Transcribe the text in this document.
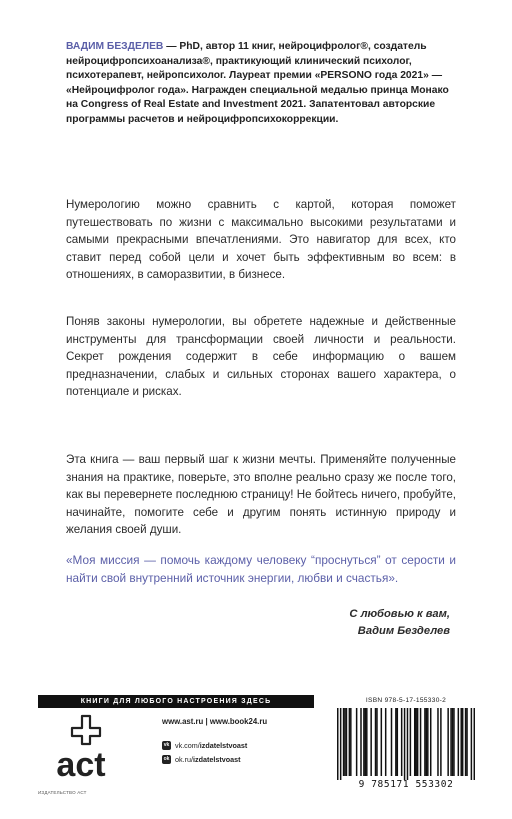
ВАДИМ БЕЗДЕЛЕВ — PhD, автор 11 книг, нейроцифролог®, создатель нейроцифропсихоанализа®, практикующий клинический психолог, психотерапевт, нейропсихолог. Лауреат премии «PERSONO года 2021» — «Нейроцифролог года». Награжден специальной медалью принца Монако на Congress of Real Estate and Investment 2021. Запатентовал авторские программы расчетов и нейроцифропсихокоррекции.
Нумерологию можно сравнить с картой, которая поможет путешествовать по жизни с максимально высокими результатами и самыми прекрасными впечатлениями. Это навигатор для всех, кто ставит перед собой цели и хочет быть эффективным во всем: в отношениях, в саморазвитии, в бизнесе.
Поняв законы нумерологии, вы обретете надежные и действенные инструменты для трансформации своей личности и реальности. Секрет рождения содержит в себе информацию о вашем предназначении, слабых и сильных сторонах вашего характера, о потенциале и рисках.
Эта книга — ваш первый шаг к жизни мечты. Применяйте полученные знания на практике, поверьте, это вполне реально сразу же после того, как вы перевернете последнюю страницу! Не бойтесь ничего, пробуйте, начинайте, помогите себе и другим понять истинную природу и желания своей души.
«Моя миссия — помочь каждому человеку “проснуться” от серости и найти свой внутренний источник энергии, любви и счастья».
С любовью к вам,
Вадим Безделев
КНИГИ ДЛЯ ЛЮБОГО НАСТРОЕНИЯ ЗДЕСЬ
act
ИЗДАТЕЛЬСТВО АСТ
www.ast.ru | www.book24.ru
vk vk.com/ izdatelstvoast
ok ok.ru/ izdatelstvoast
ISBN 978-5-17-155330-2
9 785171 553302
